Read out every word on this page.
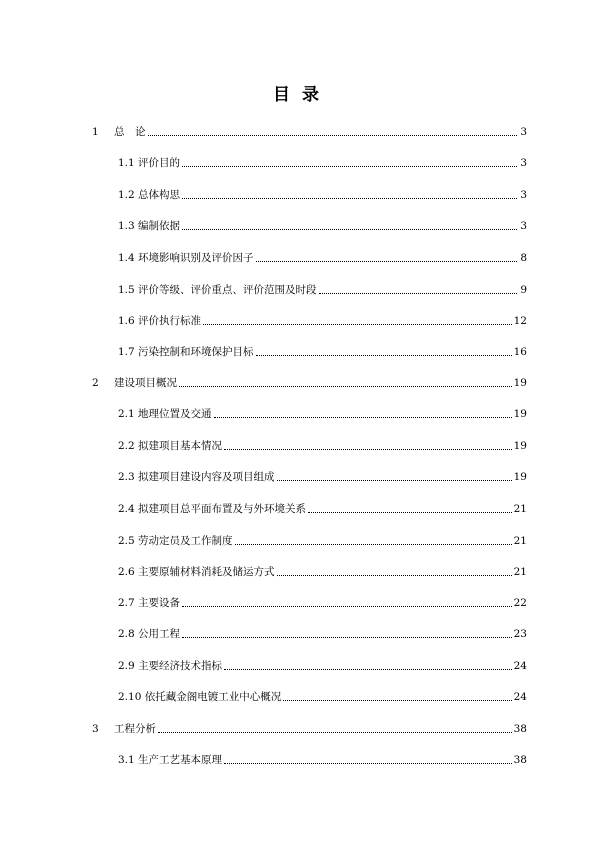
目 录
1 总　论	3
1.1 评价目的	3
1.2 总体构思	3
1.3 编制依据	3
1.4 环境影响识别及评价因子	8
1.5 评价等级、评价重点、评价范围及时段	9
1.6 评价执行标准	12
1.7 污染控制和环境保护目标	16
2 建设项目概况	19
2.1 地理位置及交通	19
2.2 拟建项目基本情况	19
2.3 拟建项目建设内容及项目组成	19
2.4 拟建项目总平面布置及与外环境关系	21
2.5 劳动定员及工作制度	21
2.6 主要原辅材料消耗及储运方式	21
2.7 主要设备	22
2.8 公用工程	23
2.9 主要经济技术指标	24
2.10 依托藏金阁电镀工业中心概况	24
3 工程分析	38
3.1 生产工艺基本原理	38
